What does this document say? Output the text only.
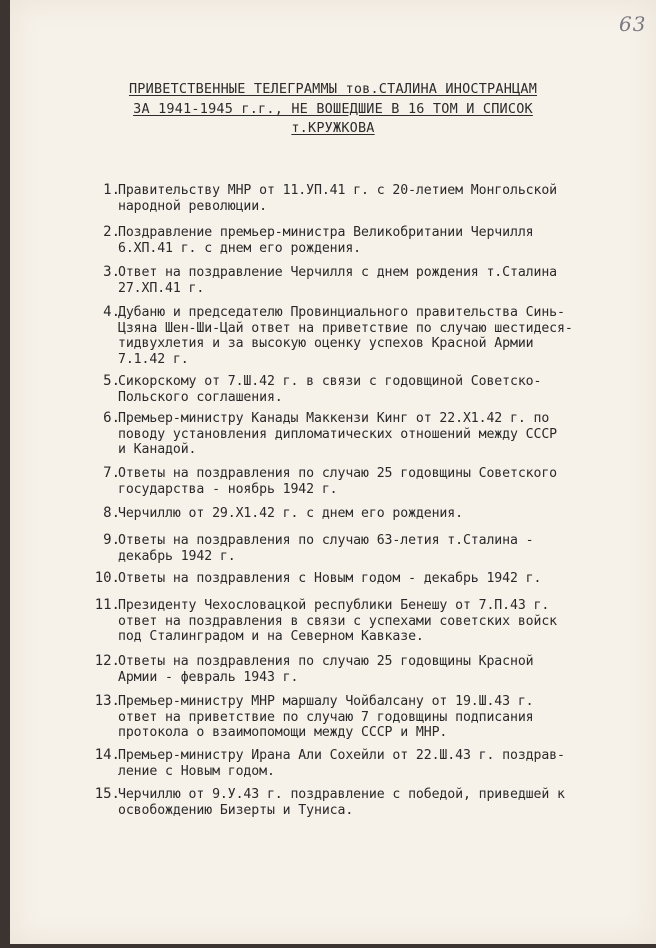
63
ПРИВЕТСТВЕННЫЕ ТЕЛЕГРАММЫ тов.СТАЛИНА ИНОСТРАНЦАМ
ЗА 1941-1945 г.г., НЕ ВОШЕДШИЕ В 16 ТОМ И СПИСОК
т.КРУЖКОВА
1.
Правительству МНР от 11.УП.41 г. с 20-летием Монгольской
народной революции.
2.
Поздравление премьер-министра Великобритании Черчилля
6.ХП.41 г. с днем его рождения.
3.
Ответ на поздравление Черчилля с днем рождения т.Сталина
27.ХП.41 г.
4.
Дубаню и председателю Провинциального правительства Синь-
Цзяна Шен-Ши-Цай ответ на приветствие по случаю шестидеся-
тидвухлетия и за высокую оценку успехов Красной Армии
7.1.42 г.
5.
Сикорскому от 7.Ш.42 г. в связи с годовщиной Советско-
Польского соглашения.
6.
Премьер-министру Канады Маккензи Кинг от 22.Х1.42 г. по
поводу установления дипломатических отношений между СССР
и Канадой.
7.
Ответы на поздравления по случаю 25 годовщины Советского
государства - ноябрь 1942 г.
8.
Черчиллю от 29.Х1.42 г. с днем его рождения.
9.
Ответы на поздравления по случаю 63-летия т.Сталина -
декабрь 1942 г.
10.
Ответы на поздравления с Новым годом - декабрь 1942 г.
11.
Президенту Чехословацкой республики Бенешу от 7.П.43 г.
ответ на поздравления в связи с успехами советских войск
под Сталинградом и на Северном Кавказе.
12.
Ответы на поздравления по случаю 25 годовщины Красной
Армии - февраль 1943 г.
13.
Премьер-министру МНР маршалу Чойбалсану от 19.Ш.43 г.
ответ на приветствие по случаю 7 годовщины подписания
протокола о взаимопомощи между СССР и МНР.
14.
Премьер-министру Ирана Али Сохейли от 22.Ш.43 г. поздрав-
ление с Новым годом.
15.
Черчиллю от 9.У.43 г. поздравление с победой, приведшей к
освобождению Бизерты и Туниса.
